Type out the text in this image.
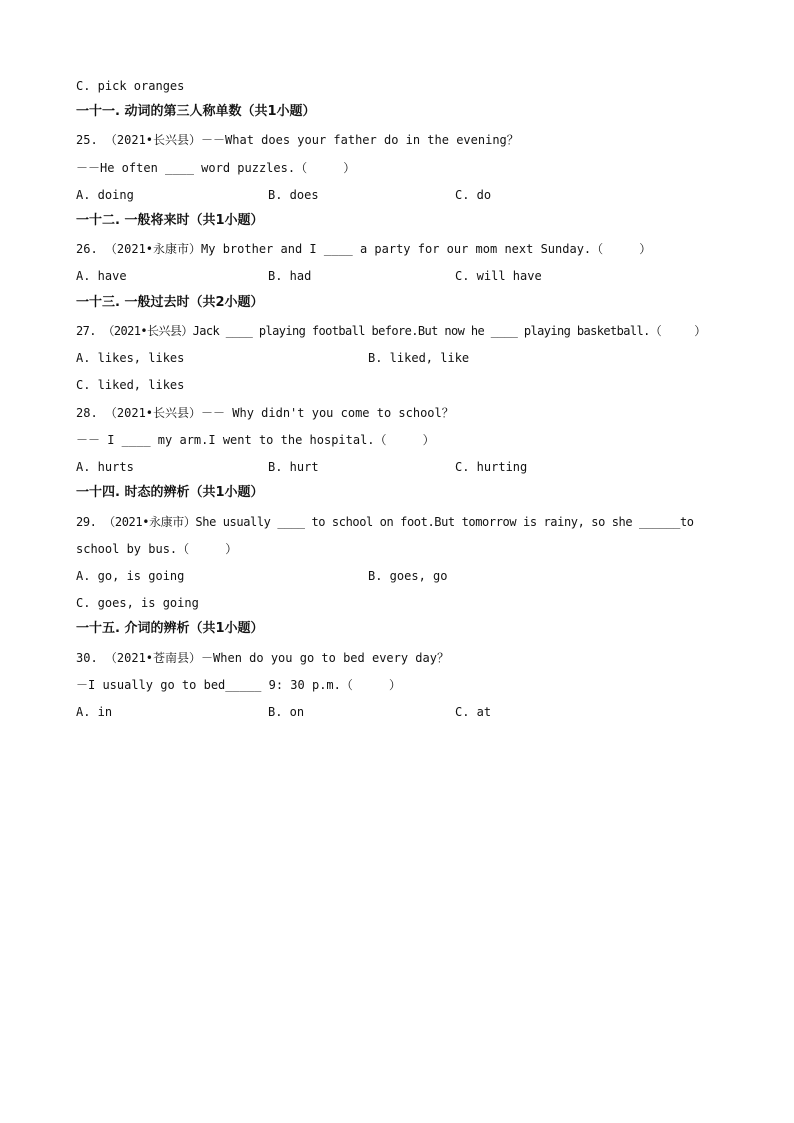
C. pick oranges
一十一. 动词的第三人称单数（共1小题）
25. （2021•长兴县）－－What does your father do in the evening？
－－He often ____ word puzzles.（     ）
A. doing	B. does	C. do
一十二. 一般将来时（共1小题）
26. （2021•永康市）My brother and I ____ a party for our mom next Sunday.（     ）
A. have	B. had	C. will have
一十三. 一般过去时（共2小题）
27. （2021•长兴县）Jack ____ playing football before.But now he ____ playing basketball.（     ）
A. likes, likes	B. liked, like
C. liked, likes
28. （2021•长兴县）－－ Why didn't you come to school？
－－ I ____ my arm.I went to the hospital.（     ）
A. hurts	B. hurt	C. hurting
一十四. 时态的辨析（共1小题）
29. （2021•永康市）She usually ____ to school on foot.But tomorrow is rainy, so she ______to
school by bus.（     ）
A. go, is going	B. goes, go
C. goes, is going
一十五. 介词的辨析（共1小题）
30. （2021•苍南县）－When do you go to bed every day？
－I usually go to bed_____ 9: 30 p.m.（     ）
A. in	B. on	C. at
